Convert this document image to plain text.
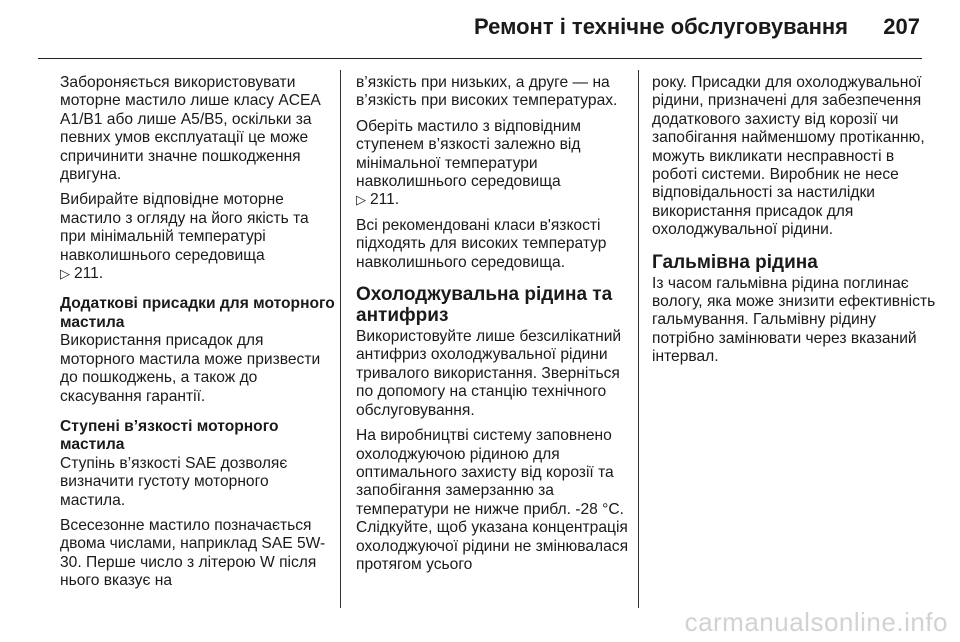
Ремонт і технічне обслуговування 207

Забороняється використовувати моторне мастило лише класу ACEA A1/B1 або лише A5/B5, оскільки за певних умов експлуатації це може спричинити значне пошкодження двигуна.

Вибирайте відповідне моторне мастило з огляду на його якість та при мінімальній температурі навколишнього середовища
▷ 211.

Додаткові присадки для моторного мастила

Використання присадок для моторного мастила може призвести до пошкоджень, а також до скасування гарантії.

Ступені в’язкості моторного мастила

Ступінь в’язкості SAE дозволяє визначити густоту моторного мастила.

Всесезонне мастило позначається двома числами, наприклад SAE 5W-30. Перше число з літерою W після нього вказує на

в’язкість при низьких, а друге — на в’язкість при високих температурах.

Оберіть мастило з відповідним ступенем в’язкості залежно від мінімальної температури навколишнього середовища
▷ 211.

Всі рекомендовані класи в'язкості підходять для високих температур навколишнього середовища.

Охолоджувальна рідина та антифриз

Використовуйте лише безсилікатний антифриз охолоджувальної рідини тривалого використання. Зверніться по допомогу на станцію технічного обслуговування.

На виробництві систему заповнено охолоджуючою рідиною для оптимального захисту від корозії та запобігання замерзанню за температури не нижче прибл. -28 °C. Слідкуйте, щоб указана концентрація охолоджуючої рідини не змінювалася протягом усього

року. Присадки для охолоджувальної рідини, призначені для забезпечення додаткового захисту від корозії чи запобігання найменшому протіканню, можуть викликати несправності в роботі системи. Виробник не несе відповідальності за настилідки використання присадок для охолоджувальної рідини.

Гальмівна рідина

Із часом гальмівна рідина поглинає вологу, яка може знизити ефективність гальмування. Гальмівну рідину потрібно замінювати через вказаний інтервал.

carmanualsonline.info
